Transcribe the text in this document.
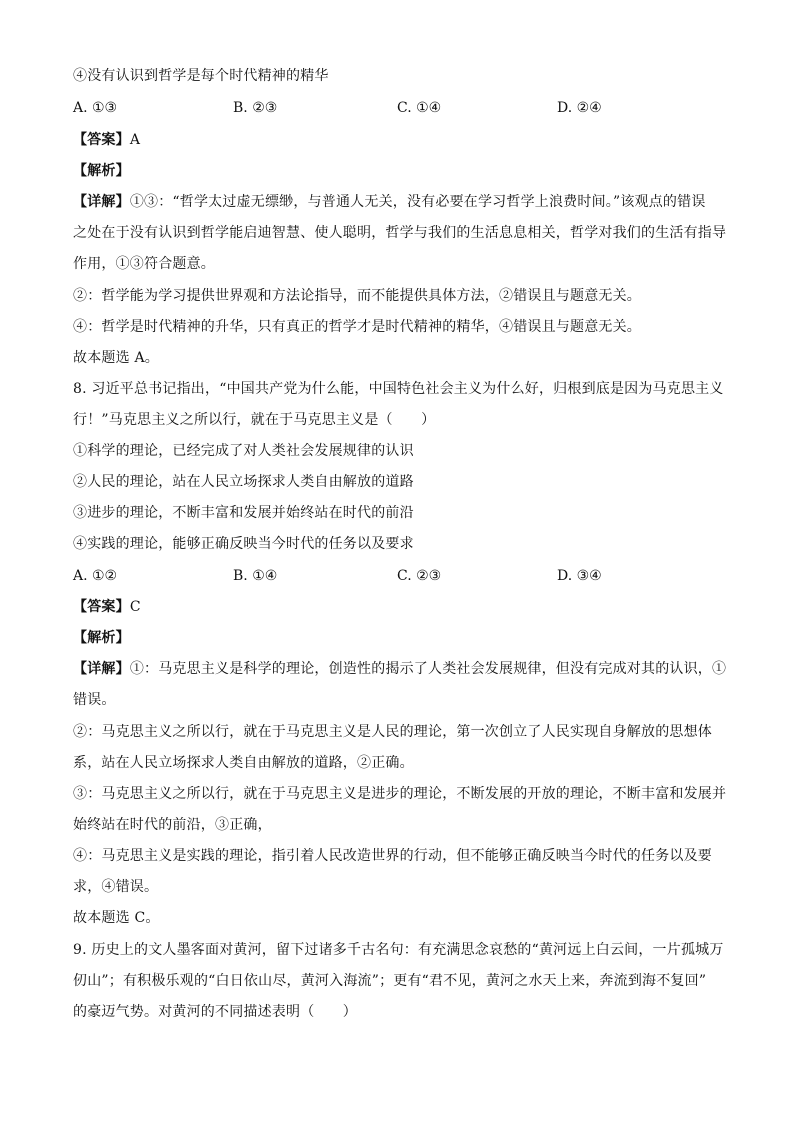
④没有认识到哲学是每个时代精神的精华
A. ①③	B. ②③	C. ①④	D. ②④
【答案】A
【解析】
【详解】①③：“哲学太过虚无缥缈，与普通人无关，没有必要在学习哲学上浪费时间。”该观点的错误
之处在于没有认识到哲学能启迪智慧、使人聪明，哲学与我们的生活息息相关，哲学对我们的生活有指导
作用，①③符合题意。
②：哲学能为学习提供世界观和方法论指导，而不能提供具体方法，②错误且与题意无关。
④：哲学是时代精神的升华，只有真正的哲学才是时代精神的精华，④错误且与题意无关。
故本题选 A。
8. 习近平总书记指出，“中国共产党为什么能，中国特色社会主义为什么好，归根到底是因为马克思主义
行！”马克思主义之所以行，就在于马克思主义是（　　）
①科学的理论，已经完成了对人类社会发展规律的认识
②人民的理论，站在人民立场探求人类自由解放的道路
③进步的理论，不断丰富和发展并始终站在时代的前沿
④实践的理论，能够正确反映当今时代的任务以及要求
A. ①②	B. ①④	C. ②③	D. ③④
【答案】C
【解析】
【详解】①：马克思主义是科学的理论，创造性的揭示了人类社会发展规律，但没有完成对其的认识，①
错误。
②：马克思主义之所以行，就在于马克思主义是人民的理论，第一次创立了人民实现自身解放的思想体
系，站在人民立场探求人类自由解放的道路，②正确。
③：马克思主义之所以行，就在于马克思主义是进步的理论，不断发展的开放的理论，不断丰富和发展并
始终站在时代的前沿，③正确，
④：马克思主义是实践的理论，指引着人民改造世界的行动，但不能够正确反映当今时代的任务以及要
求，④错误。
故本题选 C。
9. 历史上的文人墨客面对黄河，留下过诸多千古名句：有充满思念哀愁的“黄河远上白云间，一片孤城万
仞山”；有积极乐观的“白日依山尽，黄河入海流”；更有“君不见，黄河之水天上来，奔流到海不复回”
的豪迈气势。对黄河的不同描述表明（　　）
